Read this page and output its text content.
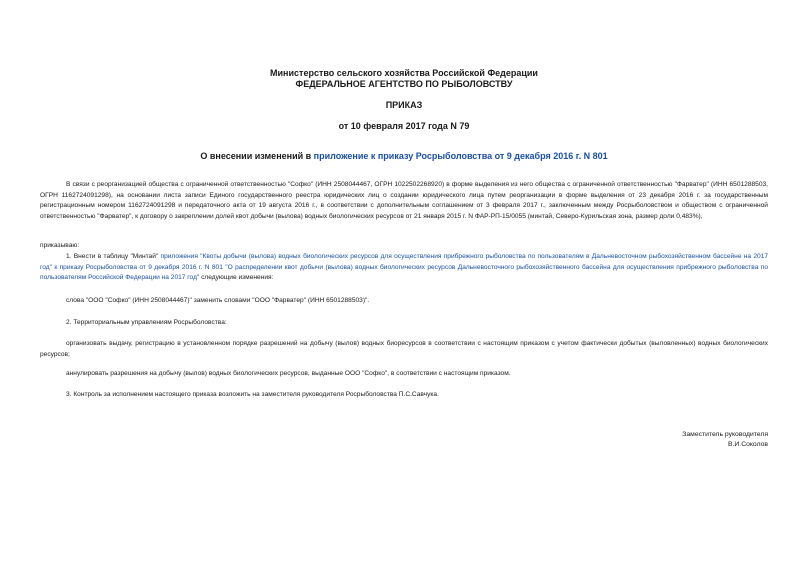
Министерство сельского хозяйства Российской Федерации
ФЕДЕРАЛЬНОЕ АГЕНТСТВО ПО РЫБОЛОВСТВУ
ПРИКАЗ
от 10 февраля 2017 года N 79
О внесении изменений в приложение к приказу Росрыболовства от 9 декабря 2016 г. N 801
В связи с реорганизацией общества с ограниченной ответственностью "Софко" (ИНН 2508044467, ОГРН 1022502268920) в форме выделения из него общества с ограниченной ответственностью "Фарватер" (ИНН 6501288503, ОГРН 1162724091298), на основании листа записи Единого государственного реестра юридических лиц о создании юридического лица путем реорганизации в форме выделения от 23 декабря 2016 г. за государственным регистрационным номером 1162724091298 и передаточного акта от 19 августа 2016 г., в соответствии с дополнительным соглашением от 3 февраля 2017 г., заключенным между Росрыболовством и обществом с ограниченной ответственностью "Фарватер", к договору о закреплении долей квот добычи (вылова) водных биологических ресурсов от 21 января 2015 г. N ФАР-РП-15/0055 (минтай, Северо-Курильская зона, размер доли 0,483%),
приказываю:
1. Внести в таблицу "Минтай" приложения "Квоты добычи (вылова) водных биологических ресурсов для осуществления прибрежного рыболовства по пользователям в Дальневосточном рыбохозяйственном бассейне на 2017 год" к приказу Росрыболовства от 9 декабря 2016 г. N 801 "О распределении квот добычи (вылова) водных биологических ресурсов Дальневосточного рыбохозяйственного бассейна для осуществления прибрежного рыболовства по пользователям Российской Федерации на 2017 год" следующие изменения:
слова "ООО "Софко" (ИНН 2508044467)" заменить словами "ООО "Фарватер" (ИНН 6501288503)".
2. Территориальным управлениям Росрыболовства:
организовать выдачу, регистрацию в установленном порядке разрешений на добычу (вылов) водных биоресурсов в соответствии с настоящим приказом с учетом фактически добытых (выловленных) водных биологических ресурсов;
аннулировать разрешения на добычу (вылов) водных биологических ресурсов, выданные ООО "Софко", в соответствии с настоящим приказом.
3. Контроль за исполнением настоящего приказа возложить на заместителя руководителя Росрыболовства П.С.Савчука.
Заместитель руководителя
В.И.Соколов
